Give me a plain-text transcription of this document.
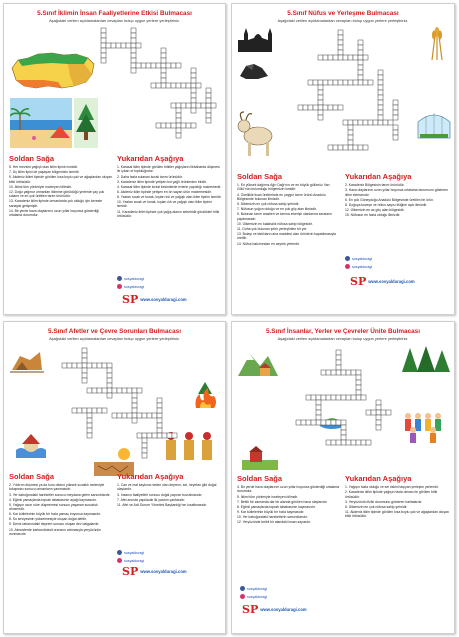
5.Sınıf İklimin İnsan Faaliyetlerine Etkisi Bulmacası
Aşağıdaki verilen açıklamalardan cevapları bulup uygun yerlere yerleştiriniz.
Soldan Sağa
5. Her mevsim yağışlı olan iklim tipinin ismidir.
7. Üç iklim tipini de yaşayan bölgemizin ismidir.
9. Akdeniz iklimi tipinde görülen kısa boylu çalı ve ağaçlardan oluşan bitki örtüsüdür.
10. İklimi tüm yönleriyle inceleyen bilimdir.
12. Doğu yağmur ormanları iklimine görüldüğü yerlerde çay çok sulanır ve en çok üretilen tarım ürünüdür.
13. Karadeniz iklim tipinde ormanlarda çok olduğu için kereste sanayisi gelişmiştir.
14. Bir yerde hava olaylarının uzun yıllar boyunca gösterdiği ortalama durumdur.
Yukarıdan Aşağıya
1. Karasal iklim tipinde görülen bitkiler yağışların ilkbaharda düşmesi ile çıkan ot topluluğudur.
2. Daha fazla sulanan kurak tarım ürünüdür.
3. Karadeniz iklim tipinde yetişen kol yağlı ürünlerden biridir.
4. Karasal iklim tipinde kırsal kesimlerde evlerin yapıldığı malzemedir.
6. Akdeniz iklim tipinde yetişen en ön sayan ürün malzemesidir.
8. Yazları sıcak ve kurak, kışları ılık ve yağışlı olan iklim tipinin ismidir.
10. Yazları sıcak ve kurak, kışları ılık ve yağışlı olan iklim tipinin ismidir.
11. Karadeniz iklim tipinde çok yağış alanın sebebidir gördükleri bitki örtüsüdür.
sosyalduragi
sosyalduragi
SP www.sosyalduragi.com
5.Sınıf Nüfus ve Yerleşme Bulmacası
Aşağıdaki verilen açıklamalardan cevapları bulup uygun yerlere yerleştiriniz.
Soldan Sağa
1. En yüksek dağımız Ağrı Dağı'nın ve en büyük gölümüz Van Gölü'nün bulunduğu bölgemizin ismidir.
4. Özellikle ticari üretiminde en yaygın tarım ürünü Anadolu Bölgesinde bulunan ilimizdir.
5. Ülkemizin en çok nüfusa sahip şehridir.
7. Nüfusun yoğun olduğu ve en çok göç alan ilimizdir.
9. Bulunan tarım arazileri ve tarıma elverişli olanlarına seraların yapılmasıdır.
10. Ülkemizin en kalabalık nüfusa sahip bölgesidir.
11. Doha çok bulunan şehir yerleştirilen bir yer.
13. Bolayı ve farklıların ana maddesi olan ürünlerin kapatılmasıyla üretilir.
14. Nüfus bakımından en seyrek yerlerdir.
Yukarıdan Aşağıya
2. Karadeniz Bölgesinin tarım ürünüdür.
3. Hava olaylarının uzun yıllar boyunca ortalama durumunu gösteren iklim elemanıdır.
6. En çok Güneydoğu Anadolu Bölgesinde üretilen bir ürün.
8. Doğuya kuzeye ve nüfus sayısı ilkiğine açık ilimizdir.
12. Ülkemizin en az göç alan bölgesidir.
15. Nüfusun en fazla olduğu ilimizdir.
sosyalduragi
sosyalduragi
SP www.sosyalduragi.com
5.Sınıf Afetler ve Çevre Sorunları Bulmacası
Aşağıdaki verilen açıklamalardan cevapları bulup uygun yerlere yerleştiriniz.
Soldan Sağa
2. Yıldırım düşmesi ya da kuru otların yüksek sıcaklık nedeniyle tutuşması sonucu ormanların yanmasıdır.
3. Yer kabuğundaki hareketler sonucu meydana gelen sarsıntılardır.
4. Eğimli yamaçlarda toprak tabakasının aşağı kaymasıdır.
5. Yağışın uzun süre düşmemesi sonucu yaşanan susuzluk dönemidir.
6. Kar kütlelerinin büyük bir hızla yamaç boyunca kaymasıdır.
8. Su seviyesinin yükselmesiyle oluşan doğal afettir.
9. Deniz tabanındaki deprem sonucu oluşan dev dalgalardır.
10. Atmosferde karbondioksit oranının artmasıyla yeryüzünün ısınmasıdır.
Yukarıdan Aşağıya
1. Can ve mal kaybına neden olan deprem, sel, heyelan gibi doğal olaylardır.
3. İnsanın faaliyetleri sonucu doğal yapının bozulmasıdır.
7. Afet anında yapılacak ilk yardım çantasıdır.
11. Afet ve Acil Durum Yönetimi Başkanlığı'nın kısaltmasıdır.
sosyalduragi
sosyalduragi
SP www.sosyalduragi.com
5.Sınıf İnsanlar, Yerler ve Çevreler Ünite Bulmacası
Aşağıdaki verilen açıklamalardan cevapları bulup uygun yerlere yerleştiriniz.
Soldan Sağa
4. Bir yerde hava olaylarının uzun yıllar boyunca gösterdiği ortalama durumdur.
5. İklimi tüm yönleriyle inceleyen bilimdir.
7. Belirli bir zamanda dar bir alanda görülen hava olaylarıdır.
8. Eğimli yamaçlarda toprak tabakasının kaymasıdır.
9. Kar kütlelerinin büyük bir hızla kaymasıdır.
10. Yer kabuğundaki hareketlerin sarsıntılarıdır.
12. Yeryüzünde belirli bir alandaki insan sayısıdır.
Yukarıdan Aşağıya
1. Yağışın fazla olduğu ve sel riskini taşıyan yerleşim yerleridir.
2. Karadeniz iklim tipinde yağışın fazla olması ile görülen bitki örtüsüdür.
3. Yeryüzünün fiziki durumunu gösteren haritalardır.
6. Ülkemizin en çok nüfusa sahip şehridir.
11. Akdeniz iklim tipinde görülen kısa boylu çalı ve ağaçlardan oluşan bitki örtüsüdür.
sosyalduragi
sosyalduragi
SP www.sosyalduragi.com
